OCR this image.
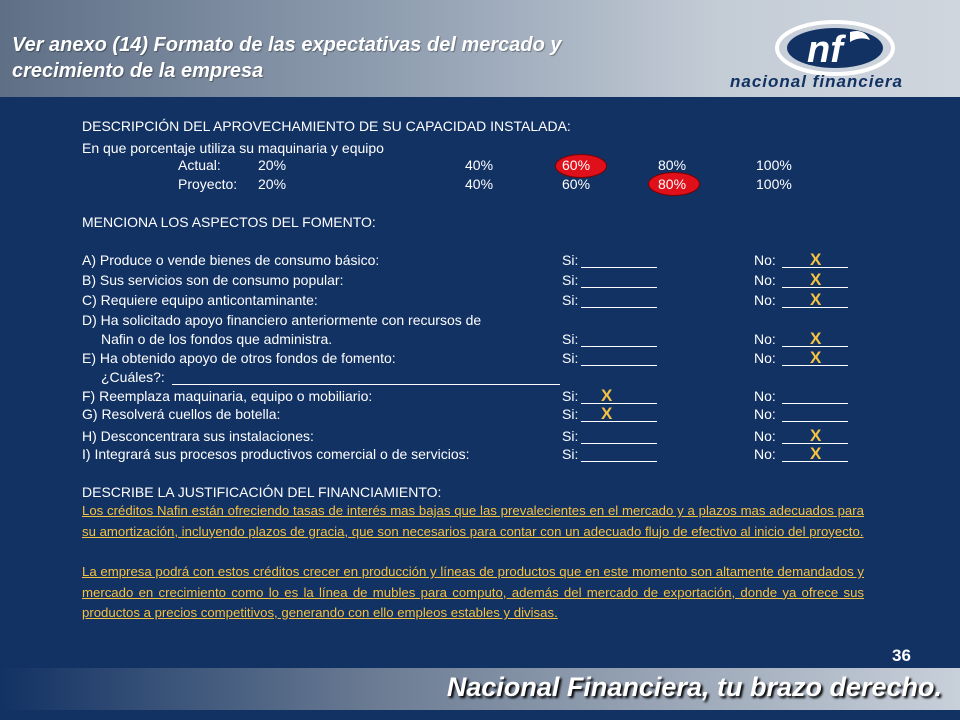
Ver anexo (14) Formato de las expectativas del mercado y crecimiento de la empresa	nf
nacional financiera
DESCRIPCIÓN DEL APROVECHAMIENTO DE SU CAPACIDAD INSTALADA:
En que porcentaje utiliza su maquinaria y equipo
Actual:	20%	40%	60%	80%	100%
Proyecto: 20%	40%	60%	80%	100%
MENCIONA LOS ASPECTOS DEL FOMENTO:
A) Produce o vende bienes de consumo básico:	Si:	No: X
B) Sus servicios son de consumo popular:	Si:	No: X
C) Requiere equipo anticontaminante:	Si:	No: X
D) Ha solicitado apoyo financiero anteriormente con recursos de
Nafin o de los fondos que administra.	Si:	No: X
E) Ha obtenido apoyo de otros fondos de fomento:	Si:	No: X
¿Cuáles?:
F) Reemplaza maquinaria, equipo o mobiliario:	Si: X	No:
G) Resolverá cuellos de botella:	Si: X	No:
H) Desconcentrara sus instalaciones:	Si:	No: X
I) Integrará sus procesos productivos comercial o de servicios:	Si:	No: X
DESCRIBE LA JUSTIFICACIÓN DEL FINANCIAMIENTO:
Los créditos Nafin están ofreciendo tasas de interés mas bajas que las prevalecientes en el mercado y a plazos mas adecuados para su amortización, incluyendo plazos de gracia, que son necesarios para contar con un adecuado flujo de efectivo al inicio del proyecto.
La empresa podrá con estos créditos crecer en producción y líneas de productos que en este momento son altamente demandados y mercado en crecimiento como lo es la línea de mubles para computo, además del mercado de exportación, donde ya ofrece sus productos a precios competitivos, generando con ello empleos estables y divisas.
36
Nacional Financiera, tu brazo derecho.
